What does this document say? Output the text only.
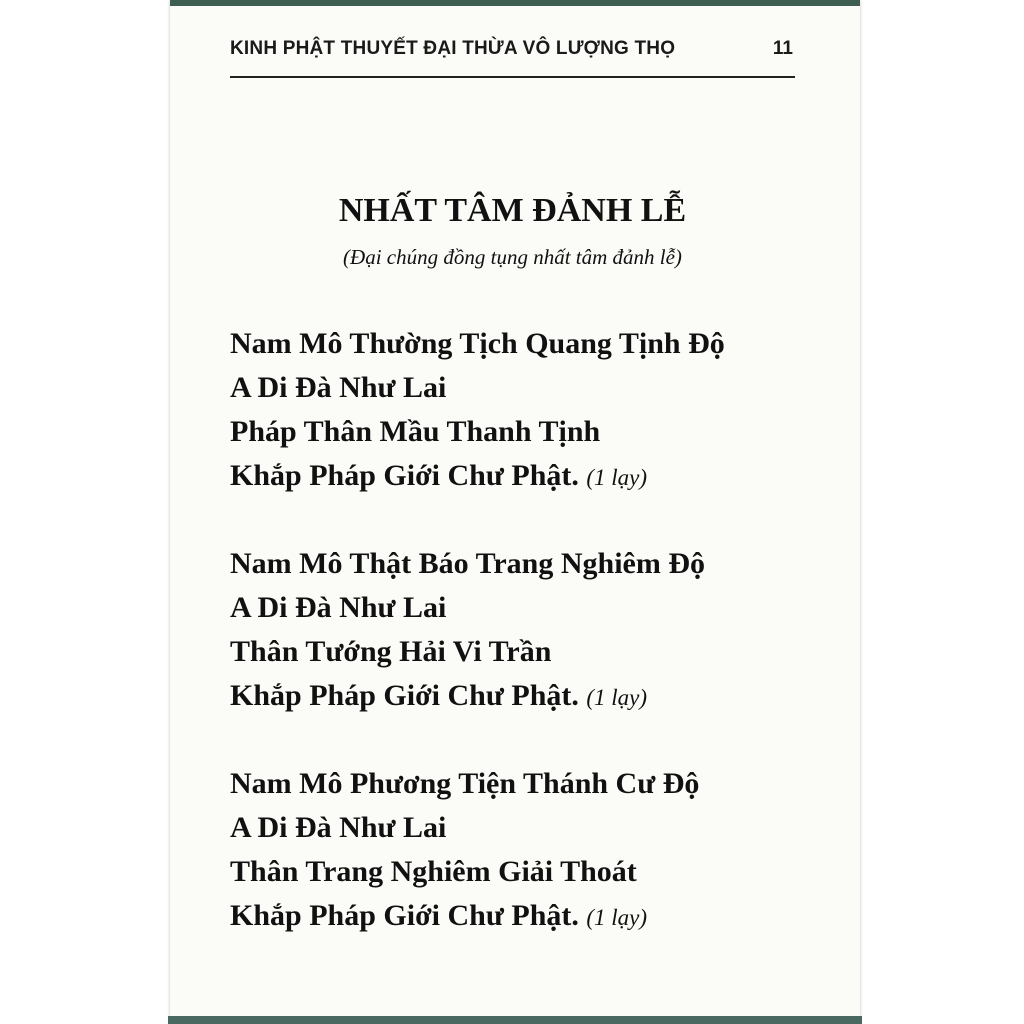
KINH PHẬT THUYẾT ĐẠI THỪA VÔ LƯỢNG THỌ	11
NHẤT TÂM ĐẢNH LỄ
(Đại chúng đồng tụng nhất tâm đảnh lễ)
Nam Mô Thường Tịch Quang Tịnh Độ
A Di Đà Như Lai
Pháp Thân Mầu Thanh Tịnh
Khắp Pháp Giới Chư Phật. (1 lạy)
Nam Mô Thật Báo Trang Nghiêm Độ
A Di Đà Như Lai
Thân Tướng Hải Vi Trần
Khắp Pháp Giới Chư Phật. (1 lạy)
Nam Mô Phương Tiện Thánh Cư Độ
A Di Đà Như Lai
Thân Trang Nghiêm Giải Thoát
Khắp Pháp Giới Chư Phật. (1 lạy)
